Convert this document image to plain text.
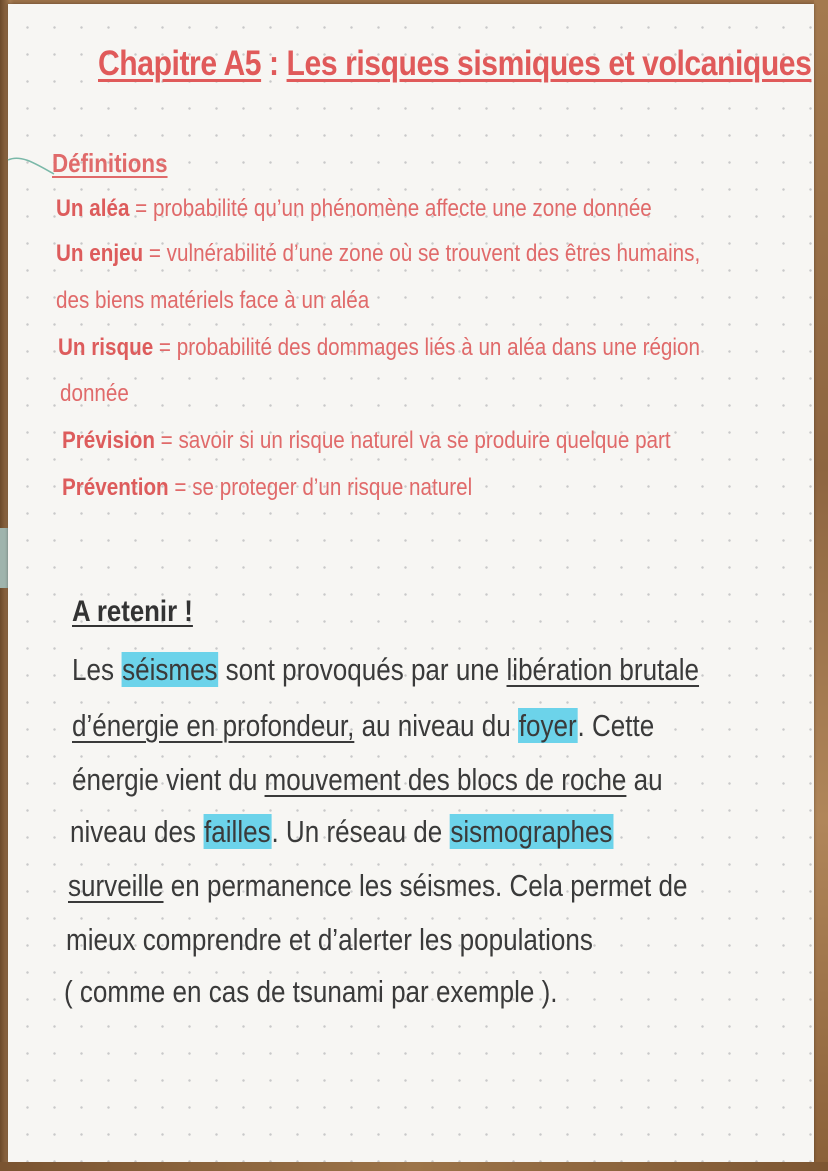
Chapitre A5 : Les risques sismiques et volcaniques
Définitions
Un aléa = probabilité qu’un phénomène affecte une zone donnée
Un enjeu = vulnérabilité d’une zone où se trouvent des êtres humains,
des biens matériels face à un aléa
Un risque = probabilité des dommages liés à un aléa dans une région
donnée
Prévision = savoir si un risque naturel va se produire quelque part
Prévention = se proteger d’un risque naturel
A retenir !
Les séismes sont provoqués par une libération brutale
d’énergie en profondeur, au niveau du foyer. Cette
énergie vient du mouvement des blocs de roche au
niveau des failles. Un réseau de sismographes
surveille en permanence les séismes. Cela permet de
mieux comprendre et d’alerter les populations
( comme en cas de tsunami par exemple ).
